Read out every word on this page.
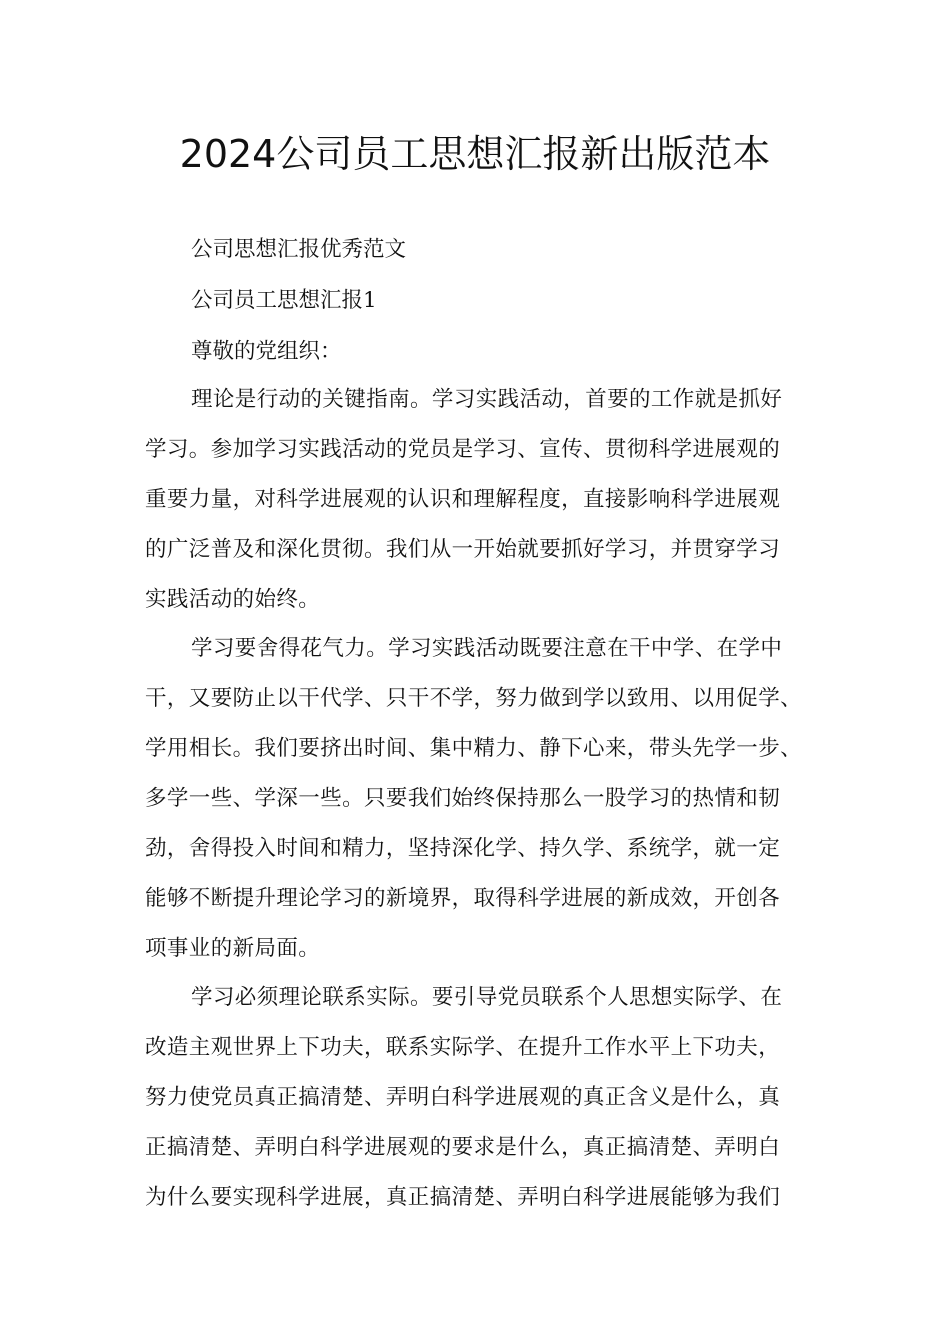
2024公司员工思想汇报新出版范本
公司思想汇报优秀范文
公司员工思想汇报1
尊敬的党组织：
理论是行动的关键指南。学习实践活动，首要的工作就是抓好
学习。参加学习实践活动的党员是学习、宣传、贯彻科学进展观的
重要力量，对科学进展观的认识和理解程度，直接影响科学进展观
的广泛普及和深化贯彻。我们从一开始就要抓好学习，并贯穿学习
实践活动的始终。
学习要舍得花气力。学习实践活动既要注意在干中学、在学中
干，又要防止以干代学、只干不学，努力做到学以致用、以用促学、
学用相长。我们要挤出时间、集中精力、静下心来，带头先学一步、
多学一些、学深一些。只要我们始终保持那么一股学习的热情和韧
劲，舍得投入时间和精力，坚持深化学、持久学、系统学，就一定
能够不断提升理论学习的新境界，取得科学进展的新成效，开创各
项事业的新局面。
学习必须理论联系实际。要引导党员联系个人思想实际学、在
改造主观世界上下功夫，联系实际学、在提升工作水平上下功夫，
努力使党员真正搞清楚、弄明白科学进展观的真正含义是什么，真
正搞清楚、弄明白科学进展观的要求是什么，真正搞清楚、弄明白
为什么要实现科学进展，真正搞清楚、弄明白科学进展能够为我们
